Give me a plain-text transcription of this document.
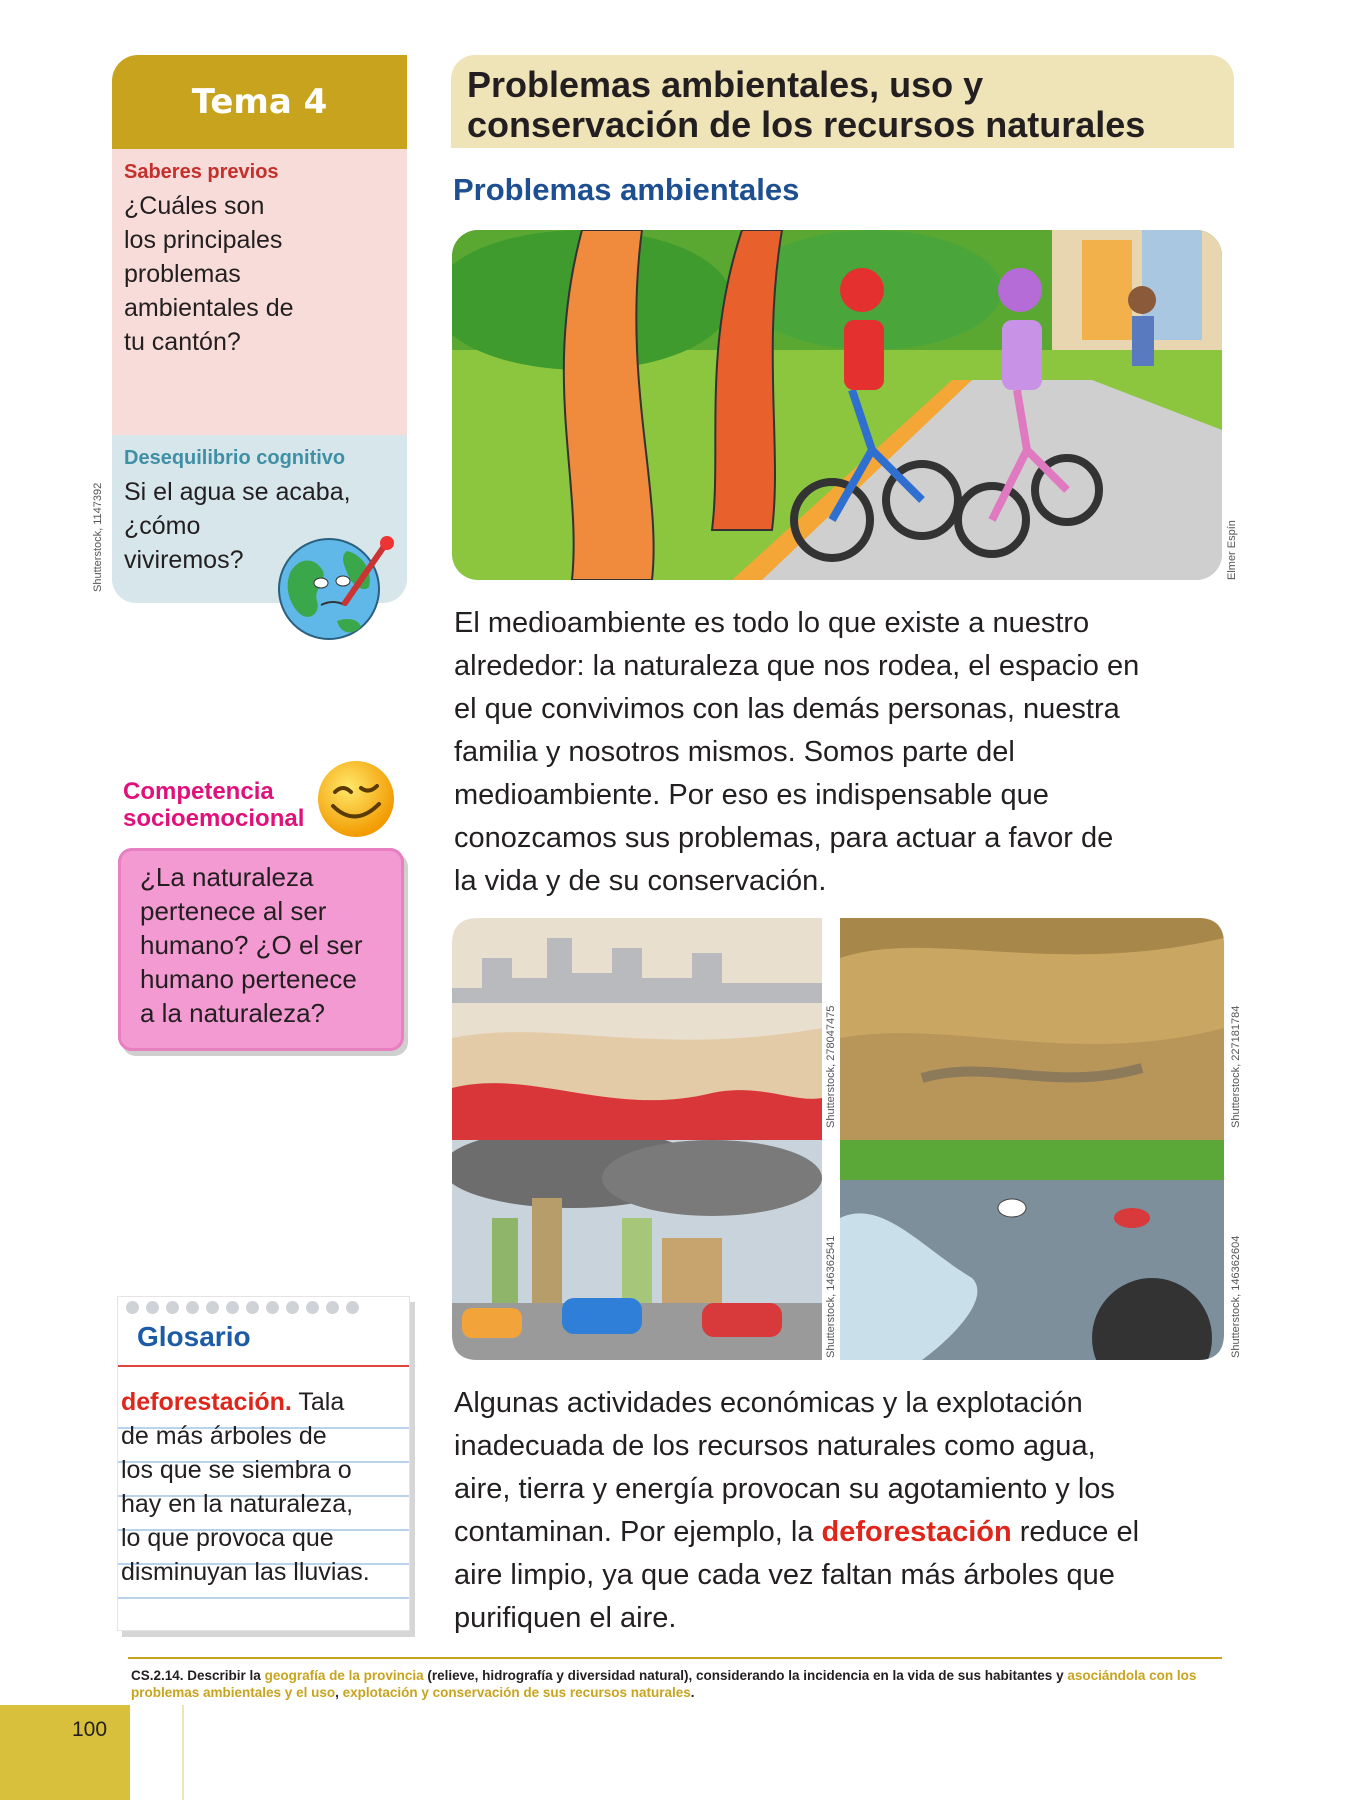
Tema 4
Saberes previos
¿Cuáles son
los principales
problemas
ambientales de
tu cantón?
Desequilibrio cognitivo
Si el agua se acaba,
¿cómo
viviremos?
Shutterstock, 1147392
Competencia
socioemocional
¿La naturaleza
pertenece al ser
humano? ¿O el ser
humano pertenece
a la naturaleza?
Glosario
deforestación. Tala
de más árboles de
los que se siembra o
hay en la naturaleza,
lo que provoca que
disminuyan las lluvias.
Problemas ambientales, uso y
conservación de los recursos naturales
Problemas ambientales
Elmer Espín
El medioambiente es todo lo que existe a nuestro
alrededor: la naturaleza que nos rodea, el espacio en
el que convivimos con las demás personas, nuestra
familia y nosotros mismos. Somos parte del
medioambiente. Por eso es indispensable que
conozcamos sus problemas, para actuar a favor de
la vida y de su conservación.
Shutterstock, 278047475	Shutterstock, 227181784
Shutterstock, 146362541	Shutterstock, 146362604
Algunas actividades económicas y la explotación
inadecuada de los recursos naturales como agua,
aire, tierra y energía provocan su agotamiento y los
contaminan. Por ejemplo, la deforestación reduce el
aire limpio, ya que cada vez faltan más árboles que
purifiquen el aire.
CS.2.14. Describir la geografía de la provincia (relieve, hidrografía y diversidad natural), considerando la incidencia en la vida de sus habitantes y asociándola con los problemas ambientales y el uso, explotación y conservación de sus recursos naturales.
100
